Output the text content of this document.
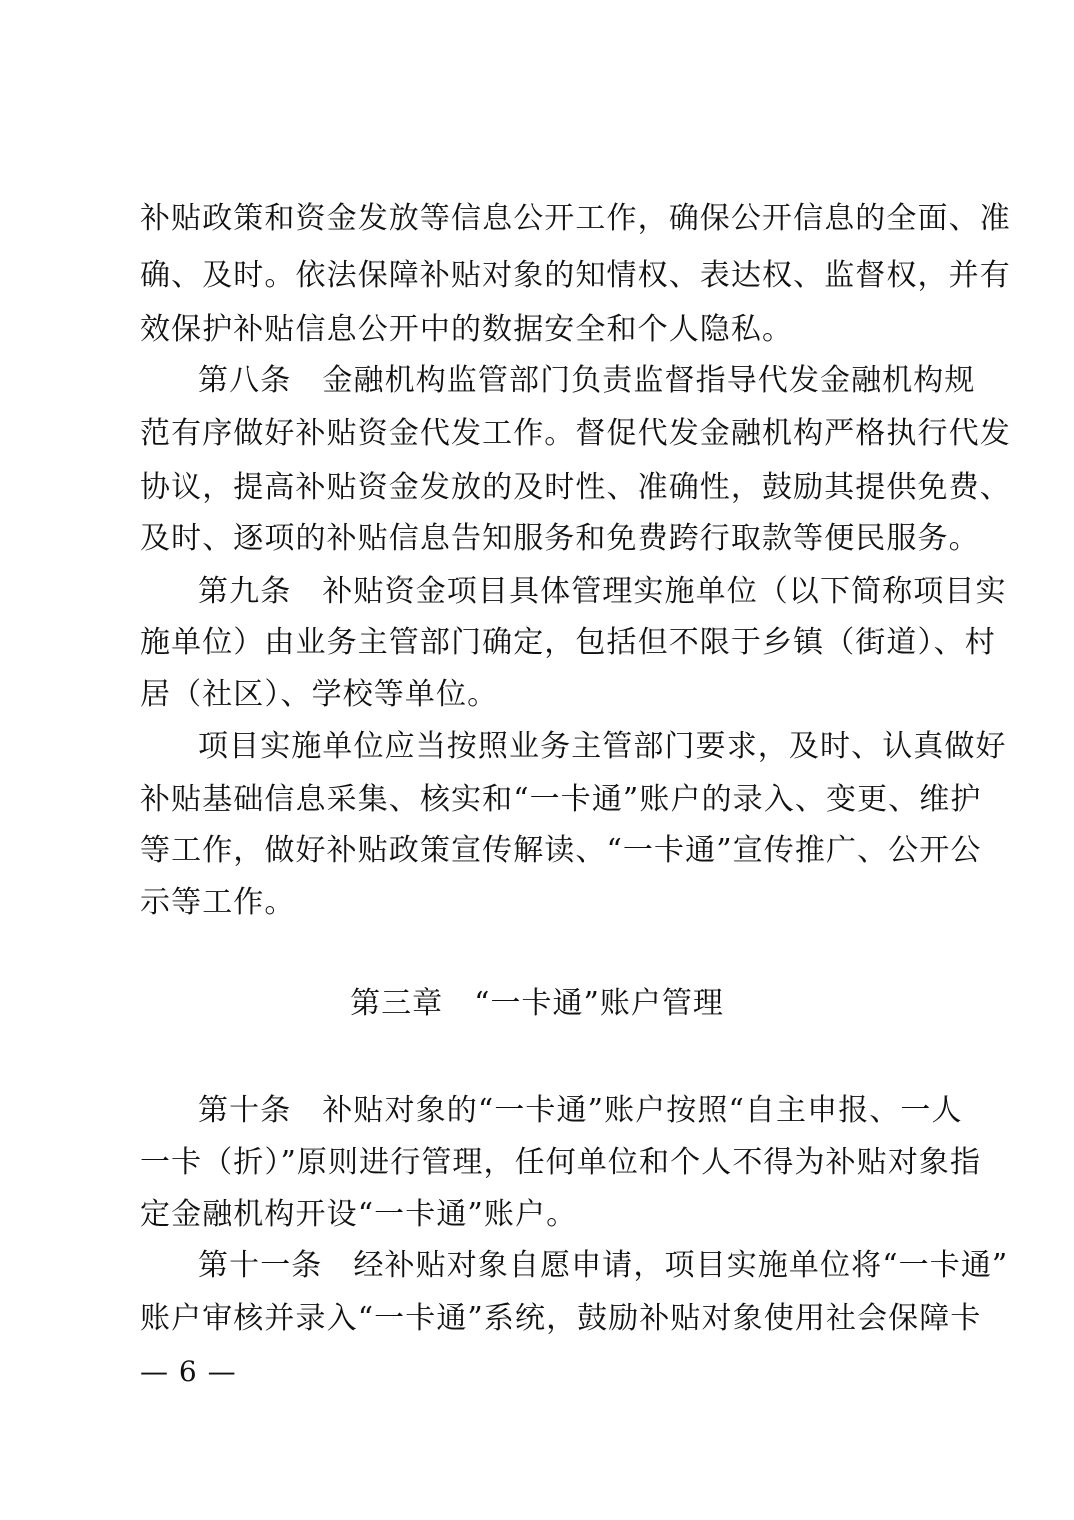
补贴政策和资金发放等信息公开工作，确保公开信息的全面、准
确、及时。依法保障补贴对象的知情权、表达权、监督权，并有
效保护补贴信息公开中的数据安全和个人隐私。
第八条　金融机构监管部门负责监督指导代发金融机构规
范有序做好补贴资金代发工作。督促代发金融机构严格执行代发
协议，提高补贴资金发放的及时性、准确性，鼓励其提供免费、
及时、逐项的补贴信息告知服务和免费跨行取款等便民服务。
第九条　补贴资金项目具体管理实施单位（以下简称项目实
施单位）由业务主管部门确定，包括但不限于乡镇（街道）、村
居（社区）、学校等单位。
项目实施单位应当按照业务主管部门要求，及时、认真做好
补贴基础信息采集、核实和“一卡通”账户的录入、变更、维护
等工作，做好补贴政策宣传解读、“一卡通”宣传推广、公开公
示等工作。
第三章　“一卡通”账户管理
第十条　补贴对象的“一卡通”账户按照“自主申报、一人
一卡（折）”原则进行管理，任何单位和个人不得为补贴对象指
定金融机构开设“一卡通”账户。
第十一条　经补贴对象自愿申请，项目实施单位将“一卡通”
账户审核并录入“一卡通”系统，鼓励补贴对象使用社会保障卡
— 6 —
